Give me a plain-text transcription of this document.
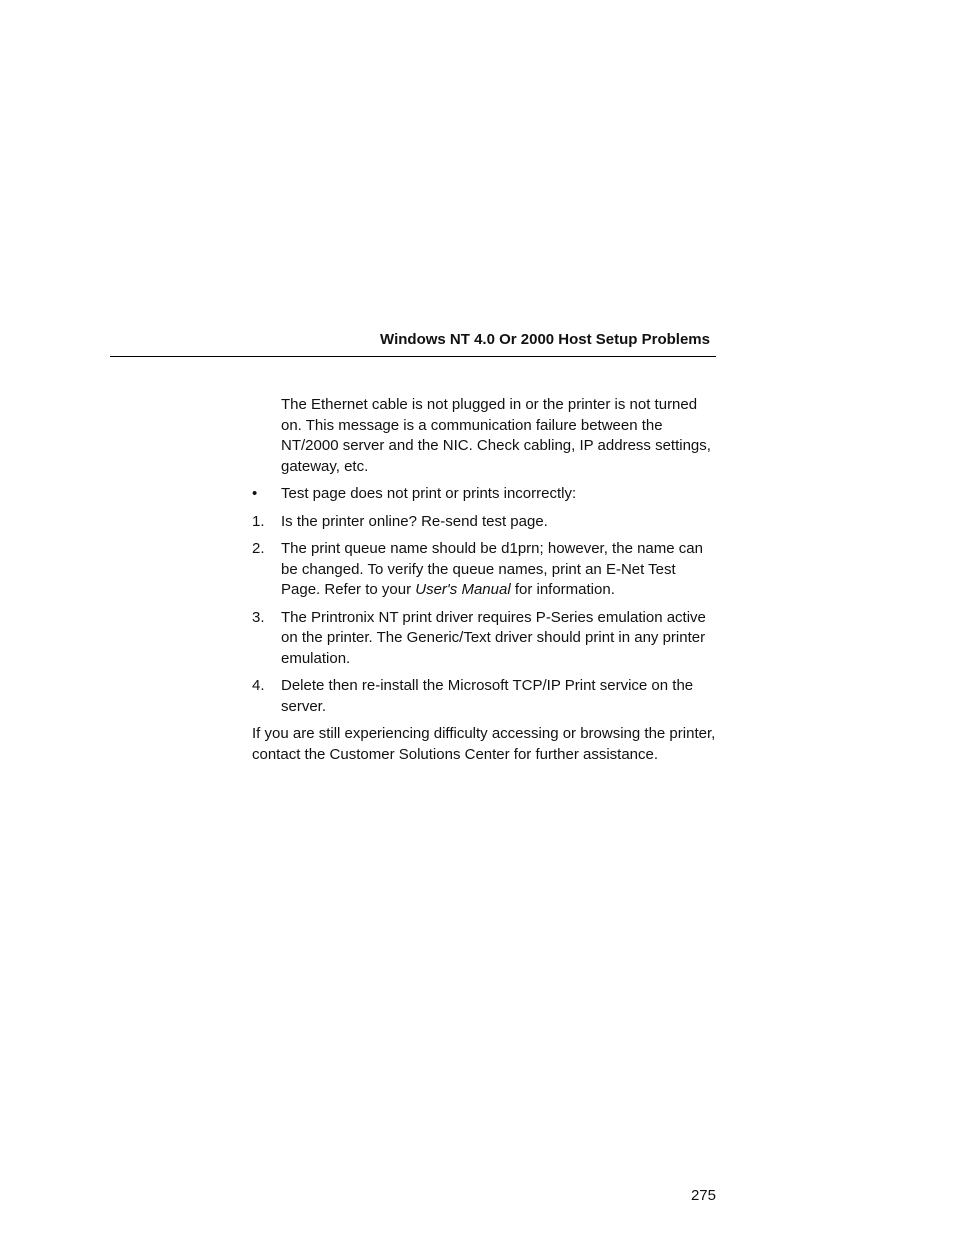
Windows NT 4.0 Or 2000 Host Setup Problems

The Ethernet cable is not plugged in or the printer is not turned on. This message is a communication failure between the NT/2000 server and the NIC. Check cabling, IP address settings, gateway, etc.

•	Test page does not print or prints incorrectly:
1.	Is the printer online? Re-send test page.
2.	The print queue name should be d1prn; however, the name can be changed. To verify the queue names, print an E-Net Test Page. Refer to your User's Manual for information.
3.	The Printronix NT print driver requires P-Series emulation active on the printer. The Generic/Text driver should print in any printer emulation.
4.	Delete then re-install the Microsoft TCP/IP Print service on the server.

If you are still experiencing difficulty accessing or browsing the printer, contact the Customer Solutions Center for further assistance.

275
